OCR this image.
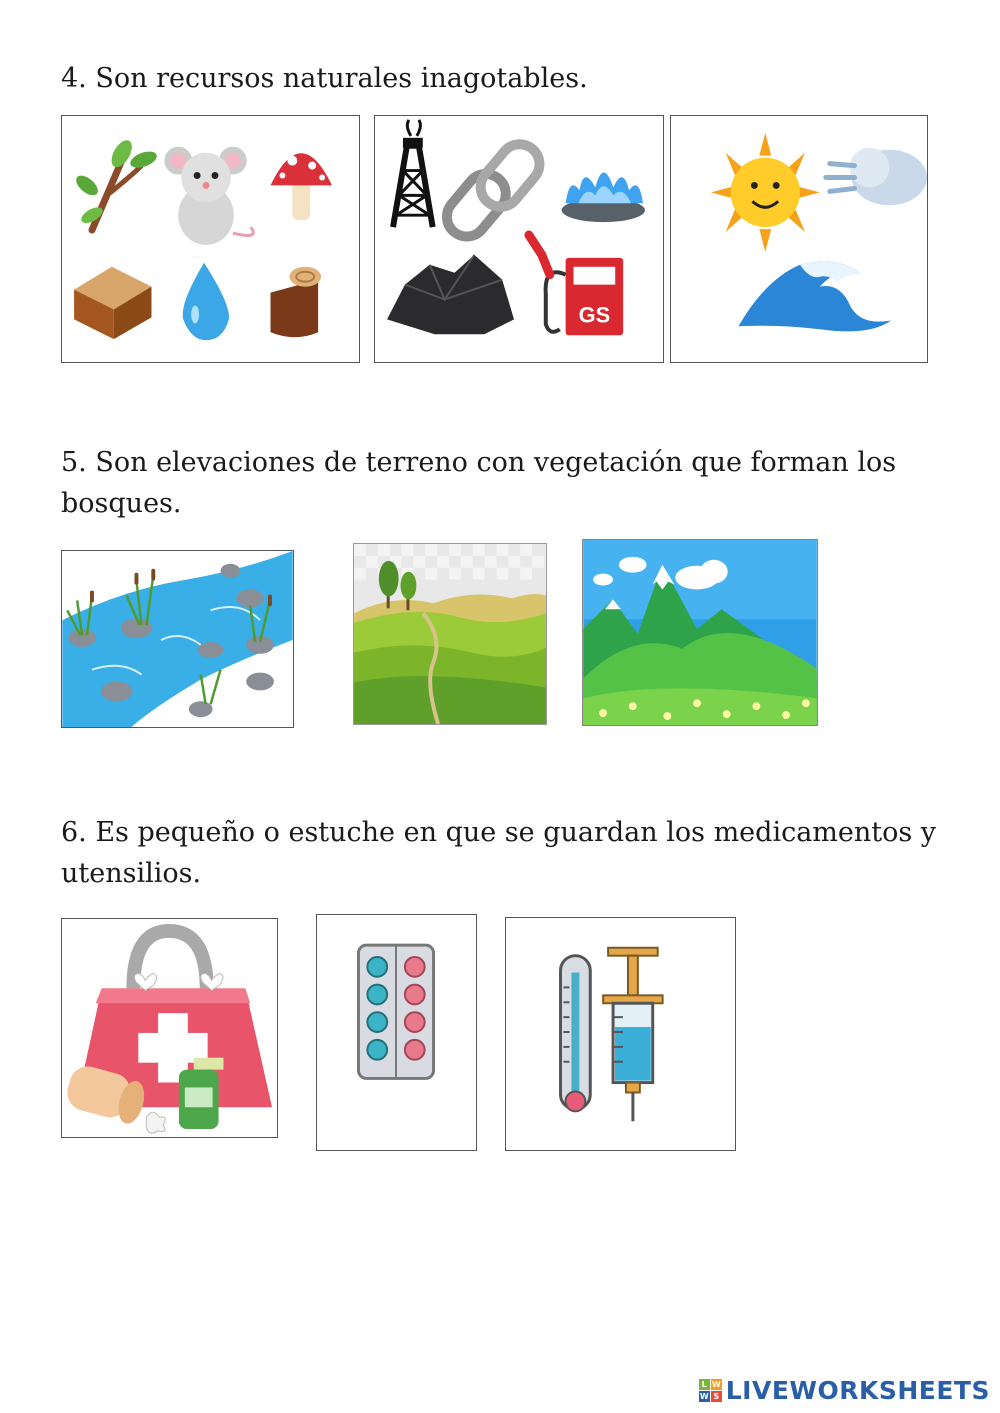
4. Son recursos naturales inagotables.

GS

5. Son elevaciones de terreno con vegetación que forman los bosques.

6. Es pequeño o estuche en que se guardan los medicamentos y utensilios.

L W
W S LIVEWORKSHEETS
